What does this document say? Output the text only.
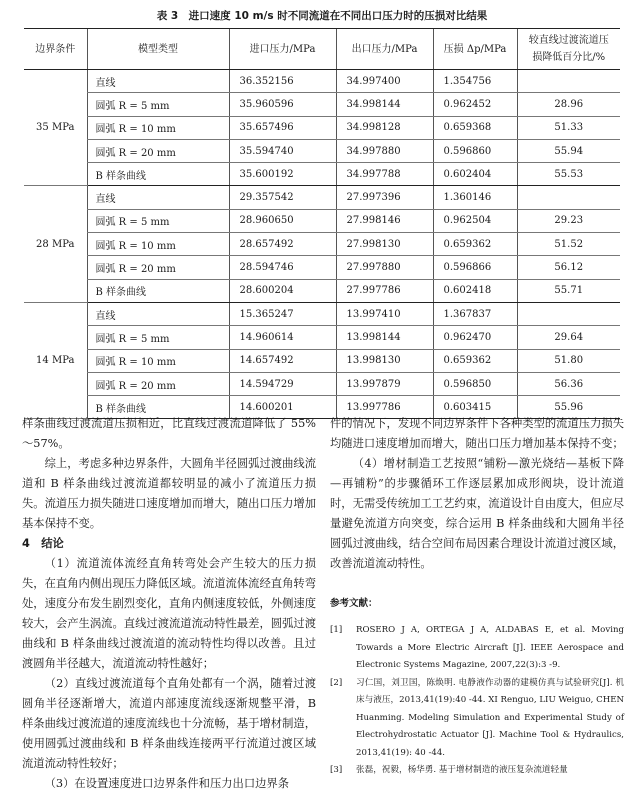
表 3　进口速度 10 m/s 时不同流道在不同出口压力时的压损对比结果
边界条件	模型类型	进口压力/MPa	出口压力/MPa	压损 Δp/MPa	较直线过渡流道压损降低百分比/%
35 MPa	直线	36.352156	34.997400	1.354756	
	圆弧 R = 5 mm	35.960596	34.998144	0.962452	28.96
	圆弧 R = 10 mm	35.657496	34.998128	0.659368	51.33
	圆弧 R = 20 mm	35.594740	34.997880	0.596860	55.94
	B 样条曲线	35.600192	34.997788	0.602404	55.53
28 MPa	直线	29.357542	27.997396	1.360146	
	圆弧 R = 5 mm	28.960650	27.998146	0.962504	29.23
	圆弧 R = 10 mm	28.657492	27.998130	0.659362	51.52
	圆弧 R = 20 mm	28.594746	27.997880	0.596866	56.12
	B 样条曲线	28.600204	27.997786	0.602418	55.71
14 MPa	直线	15.365247	13.997410	1.367837	
	圆弧 R = 5 mm	14.960614	13.998144	0.962470	29.64
	圆弧 R = 10 mm	14.657492	13.998130	0.659362	51.80
	圆弧 R = 20 mm	14.594729	13.997879	0.596850	56.36
	B 样条曲线	14.600201	13.997786	0.603415	55.96

样条曲线过渡流道压损相近，比直线过渡流道降低了 55% ～57%。

综上，考虑多种边界条件，大圆角半径圆弧过渡曲线流道和 B 样条曲线过渡流道都较明显的减小了流道压力损失。流道压力损失随进口速度增加而增大，随出口压力增加基本保持不变。

4　 结论

（1）流道流体流经直角转弯处会产生较大的压力损失，在直角内侧出现压力降低区域。流道流体流经直角转弯处，速度分布发生剧烈变化，直角内侧速度较低，外侧速度较大，会产生涡流。直线过渡流道流动特性最差，圆弧过渡曲线和 B 样条曲线过渡流道的流动特性均得以改善。且过渡圆角半径越大，流道流动特性越好；

（2）直线过渡流道每个直角处都有一个涡，随着过渡圆角半径逐渐增大，流道内部速度流线逐渐规整平滑，B 样条曲线过渡流道的速度流线也十分流畅，基于增材制造，使用圆弧过渡曲线和 B 样条曲线连接两平行流道过渡区域流道流动特性较好；

（3）在设置速度进口边界条件和压力出口边界条

件的情况下，发现不同边界条件下各种类型的流道压力损失均随进口速度增加而增大，随出口压力增加基本保持不变；

（4）增材制造工艺按照“铺粉—激光烧结—基板下降—再铺粉”的步骤循环工作逐层累加成形阀块，设计流道时，无需受传统加工工艺约束，流道设计自由度大，但应尽量避免流道方向突变，综合运用 B 样条曲线和大圆角半径圆弧过渡曲线，结合空间布局因素合理设计流道过渡区域，改善流道流动特性。

参考文献：
[1]	ROSERO J A, ORTEGA J A, ALDABAS E, et al. Moving Towards a More Electric Aircraft [J]. IEEE Aerospace and Electronic Systems Magazine, 2007,22(3):3 -9.
[2]	习仁国，刘卫国，陈焕明. 电静液作动器的建模仿真与试验研究[J]. 机床与液压，2013,41(19):40 -44. XI Renguo, LIU Weiguo, CHEN Huanming. Modeling Simulation and Experimental Study of Electrohydrostatic Actuator [J]. Machine Tool & Hydraulics, 2013,41(19): 40 -44.
[3]	张磊，祝毅，杨华勇. 基于增材制造的液压复杂流道轻量
